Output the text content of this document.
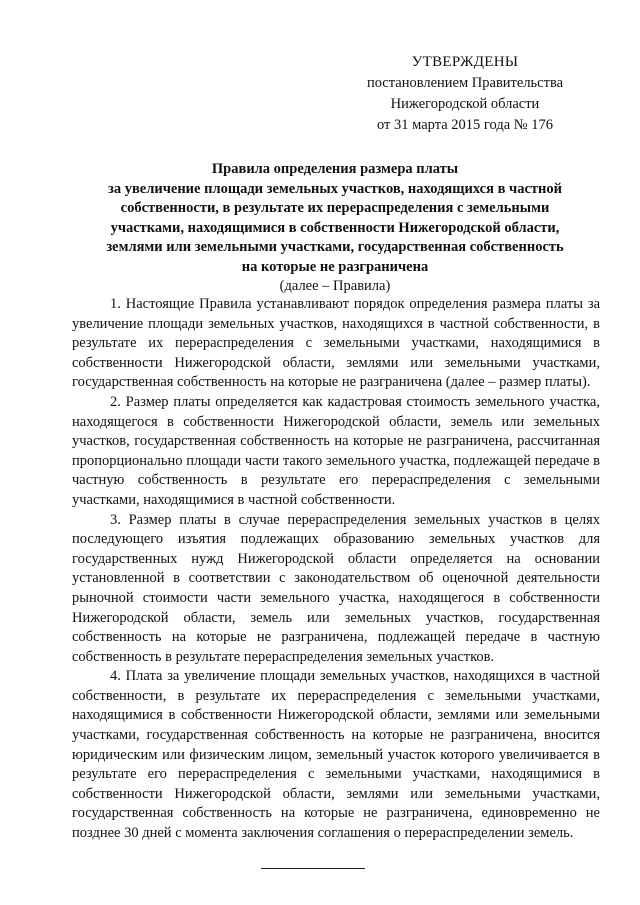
УТВЕРЖДЕНЫ
постановлением Правительства
Нижегородской области
от 31 марта 2015 года № 176
Правила определения размера платы
за увеличение площади земельных участков, находящихся в частной
собственности, в результате их перераспределения с земельными
участками, находящимися в собственности Нижегородской области,
землями или земельными участками, государственная собственность
на которые не разграничена
(далее – Правила)

1. Настоящие Правила устанавливают порядок определения размера платы за увеличение площади земельных участков, находящихся в частной собственности, в результате их перераспределения с земельными участками, находящимися в собственности Нижегородской области, землями или земельными участками, государственная собственность на которые не разграничена (далее – размер платы).

2. Размер платы определяется как кадастровая стоимость земельного участка, находящегося в собственности Нижегородской области, земель или земельных участков, государственная собственность на которые не разграничена, рассчитанная пропорционально площади части такого земельного участка, подлежащей передаче в частную собственность в результате его перераспределения с земельными участками, находящимися в частной собственности.

3. Размер платы в случае перераспределения земельных участков в целях последующего изъятия подлежащих образованию земельных участков для государственных нужд Нижегородской области определяется на основании установленной в соответствии с законодательством об оценочной деятельности рыночной стоимости части земельного участка, находящегося в собственности Нижегородской области, земель или земельных участков, государственная собственность на которые не разграничена, подлежащей передаче в частную собственность в результате перераспределения земельных участков.

4. Плата за увеличение площади земельных участков, находящихся в частной собственности, в результате их перераспределения с земельными участками, находящимися в собственности Нижегородской области, землями или земельными участками, государственная собственность на которые не разграничена, вносится юридическим или физическим лицом, земельный участок которого увеличивается в результате его перераспределения с земельными участками, находящимися в собственности Нижегородской области, землями или земельными участками, государственная собственность на которые не разграничена, единовременно не позднее 30 дней с момента заключения соглашения о перераспределении земель.
